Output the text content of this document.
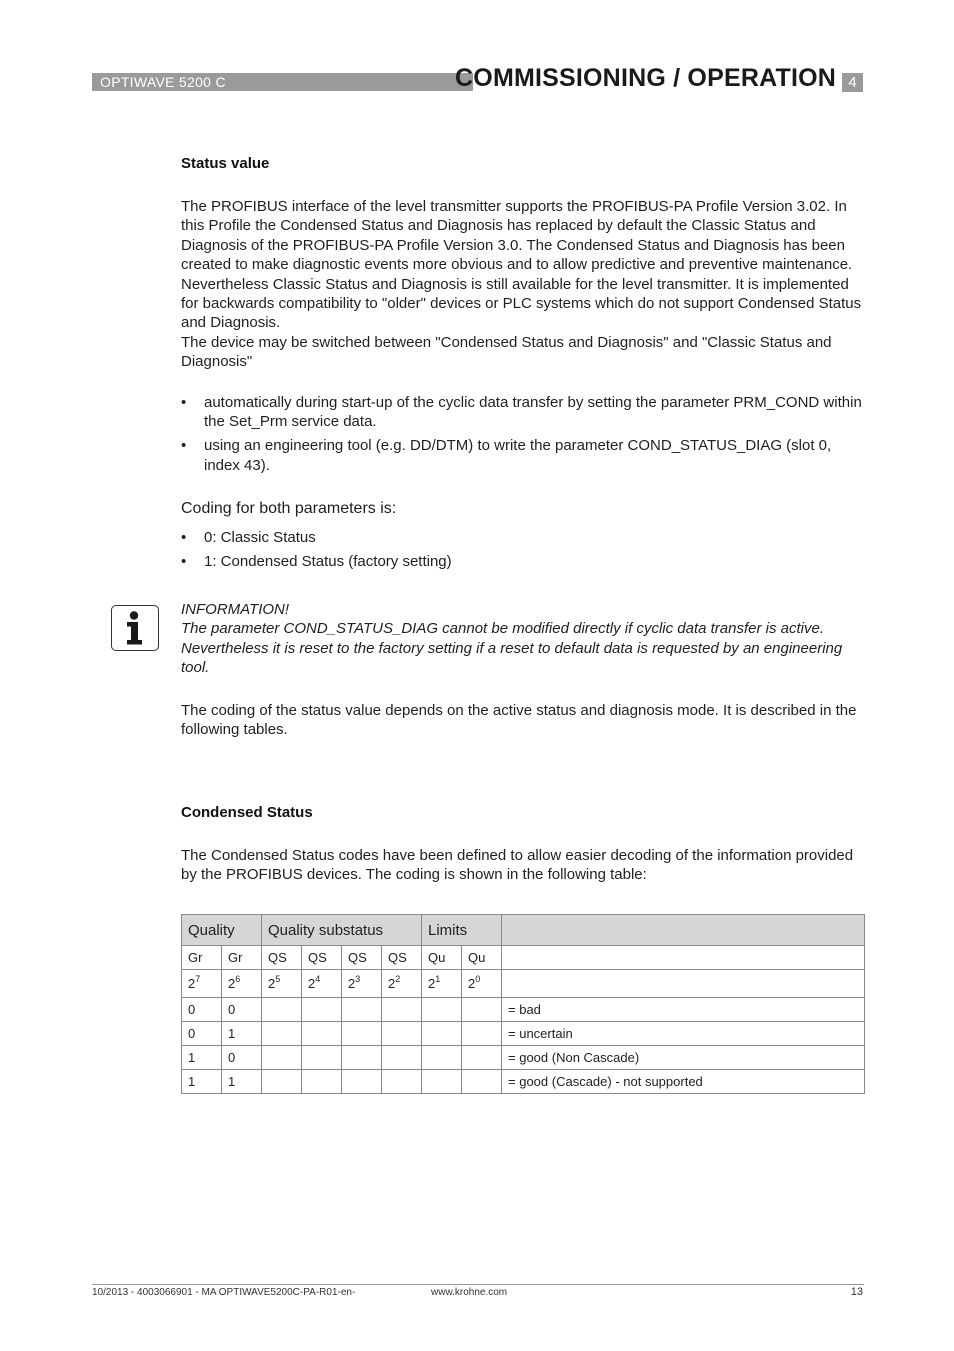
OPTIWAVE 5200 C	COMMISSIONING / OPERATION 4
Status value

The PROFIBUS interface of the level transmitter supports the PROFIBUS-PA Profile Version 3.02. In this Profile the Condensed Status and Diagnosis has replaced by default the Classic Status and Diagnosis of the PROFIBUS-PA Profile Version 3.0. The Condensed Status and Diagnosis has been created to make diagnostic events more obvious and to allow predictive and preventive maintenance. Nevertheless Classic Status and Diagnosis is still available for the level transmitter. It is implemented for backwards compatibility to "older" devices or PLC systems which do not support Condensed Status and Diagnosis.

The device may be switched between "Condensed Status and Diagnosis" and "Classic Status and Diagnosis"

• automatically during start-up of the cyclic data transfer by setting the parameter PRM_COND within the Set_Prm service data.
• using an engineering tool (e.g. DD/DTM) to write the parameter COND_STATUS_DIAG (slot 0, index 43).
Coding for both parameters is:
• 0: Classic Status
• 1: Condensed Status (factory setting)

INFORMATION!

The parameter COND_STATUS_DIAG cannot be modified directly if cyclic data transfer is active. Nevertheless it is reset to the factory setting if a reset to default data is requested by an engineering tool.

The coding of the status value depends on the active status and diagnosis mode. It is described in the following tables.

Condensed Status

The Condensed Status codes have been defined to allow easier decoding of the information provided by the PROFIBUS devices. The coding is shown in the following table:

Quality		Quality substatus				Limits		
Gr	Gr	QS	QS	QS	QS	Qu	Qu	
$2^7$	$2^6$	$2^5$	$2^4$	$2^3$	$2^2$	$2^1$	$2^0$	
0	0							= bad
0	1							= uncertain
1	0							= good (Non Cascade)
1	1							= good (Cascade) - not supported
10/2013 - 4003066901 - MA OPTIWAVE5200C-PA-R01-en-	www.krohne.com	13
